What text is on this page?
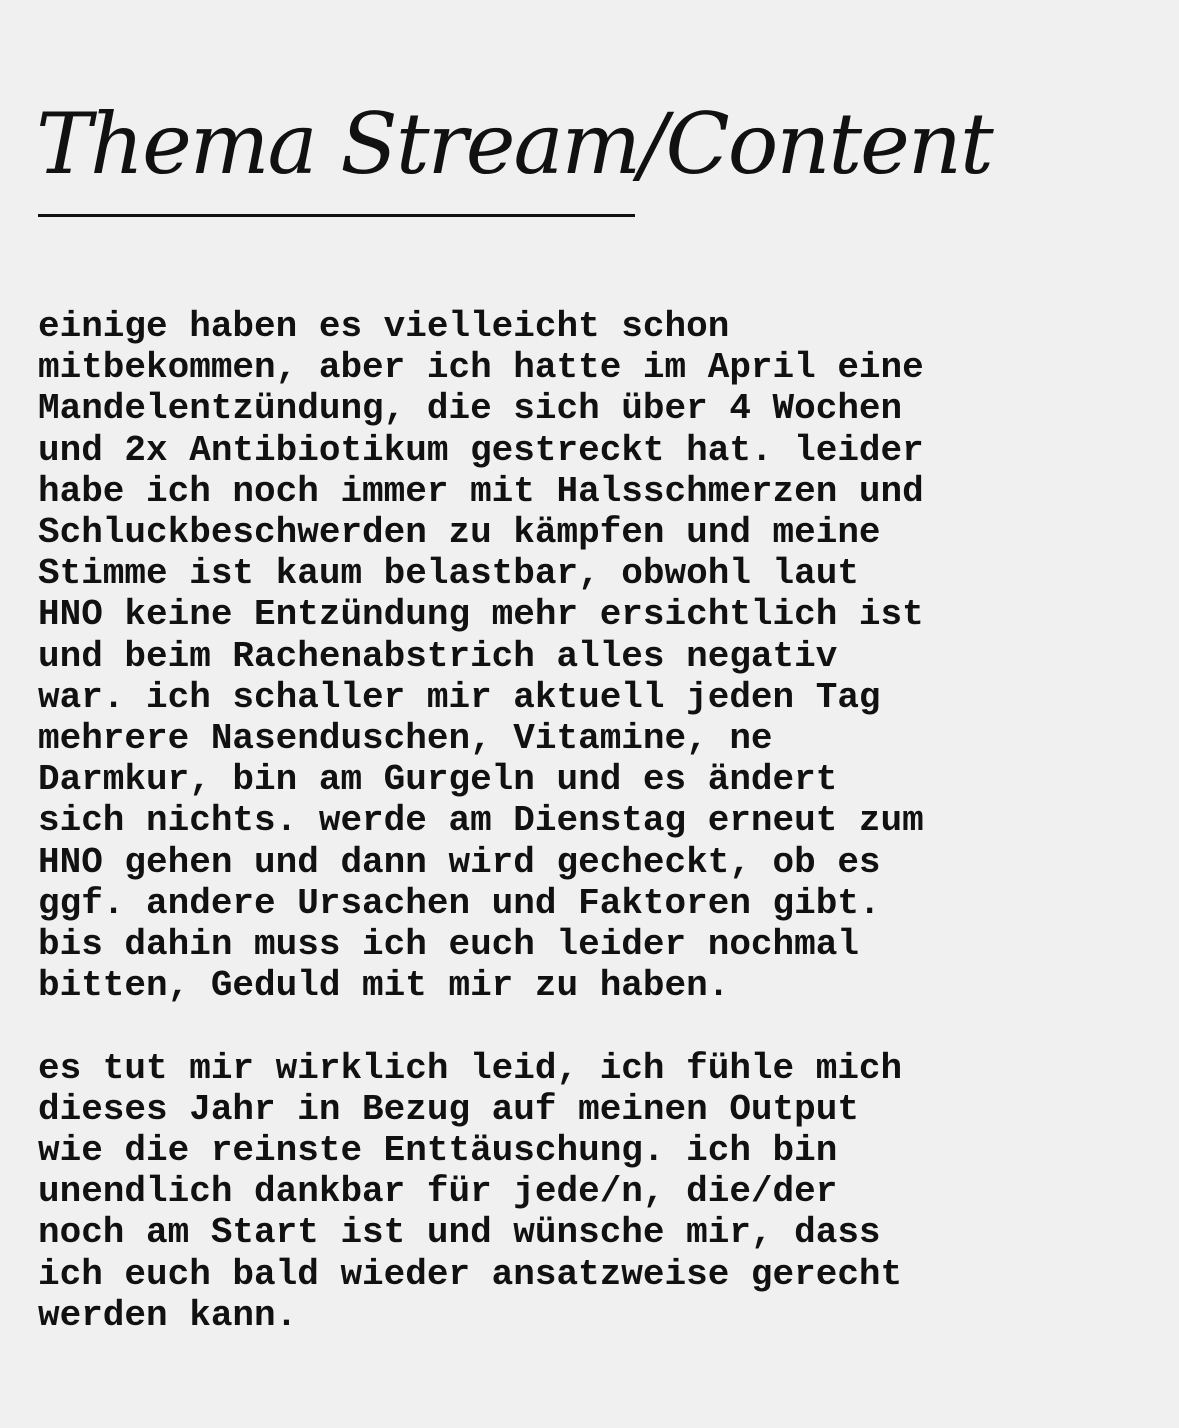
Thema Stream/Content
einige haben es vielleicht schon
mitbekommen, aber ich hatte im April eine
Mandelentzündung, die sich über 4 Wochen
und 2x Antibiotikum gestreckt hat. leider
habe ich noch immer mit Halsschmerzen und
Schluckbeschwerden zu kämpfen und meine
Stimme ist kaum belastbar, obwohl laut
HNO keine Entzündung mehr ersichtlich ist
und beim Rachenabstrich alles negativ
war. ich schaller mir aktuell jeden Tag
mehrere Nasenduschen, Vitamine, ne
Darmkur, bin am Gurgeln und es ändert
sich nichts. werde am Dienstag erneut zum
HNO gehen und dann wird gecheckt, ob es
ggf. andere Ursachen und Faktoren gibt.
bis dahin muss ich euch leider nochmal
bitten, Geduld mit mir zu haben.
es tut mir wirklich leid, ich fühle mich
dieses Jahr in Bezug auf meinen Output
wie die reinste Enttäuschung. ich bin
unendlich dankbar für jede/n, die/der
noch am Start ist und wünsche mir, dass
ich euch bald wieder ansatzweise gerecht
werden kann.
